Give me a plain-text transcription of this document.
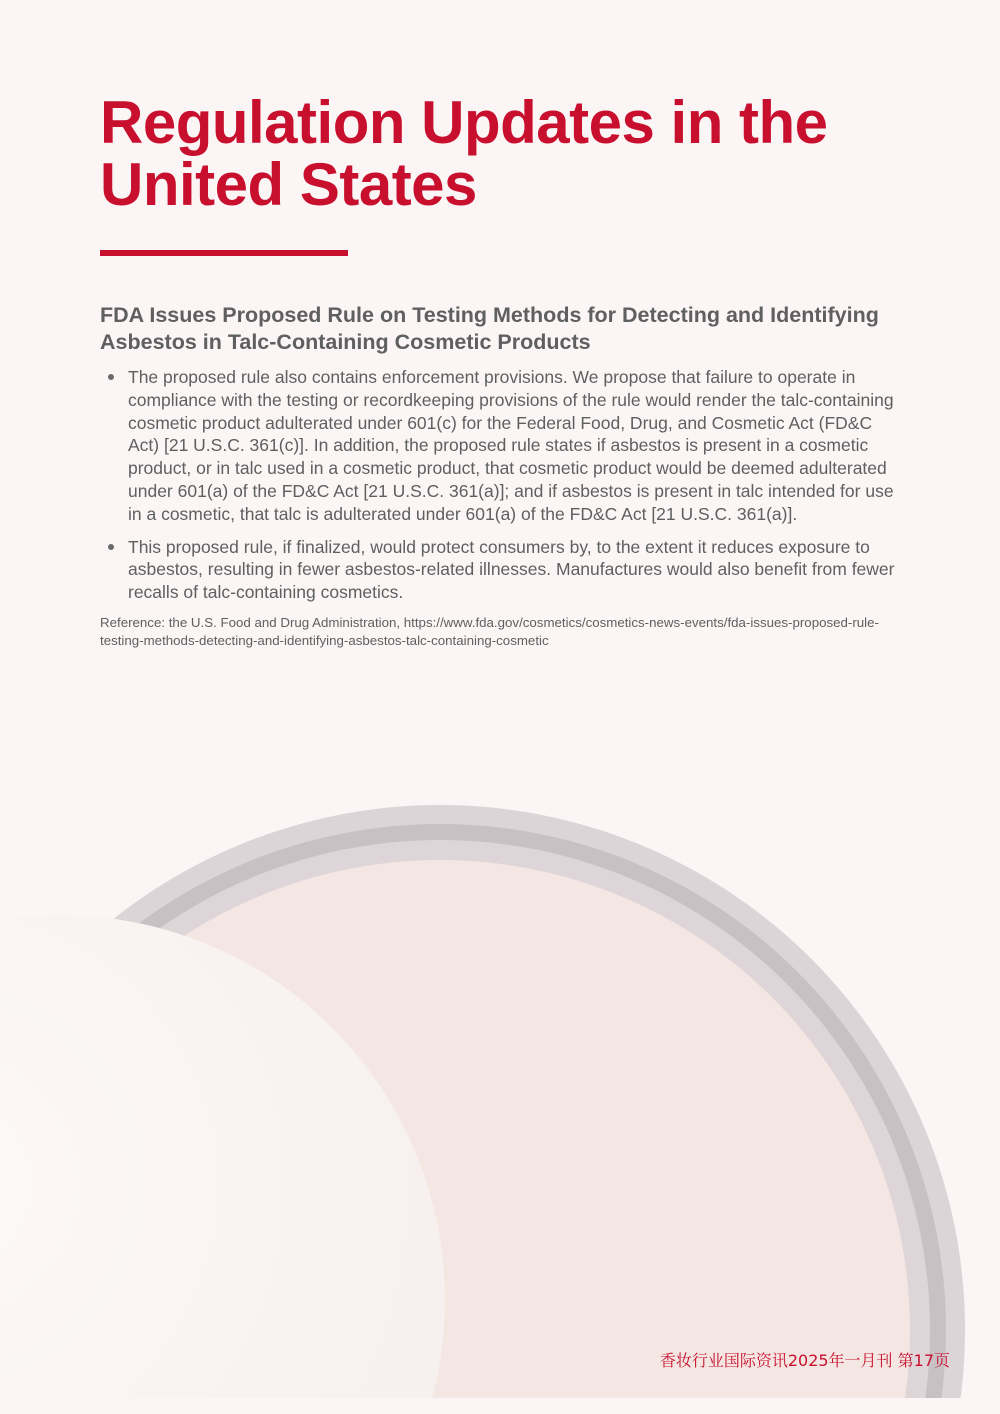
Regulation Updates in the United States
FDA Issues Proposed Rule on Testing Methods for Detecting and Identifying Asbestos in Talc-Containing Cosmetic Products
The proposed rule also contains enforcement provisions. We propose that failure to operate in compliance with the testing or recordkeeping provisions of the rule would render the talc-containing cosmetic product adulterated under 601(c) for the Federal Food, Drug, and Cosmetic Act (FD&C Act) [21 U.S.C. 361(c)]. In addition, the proposed rule states if asbestos is present in a cosmetic product, or in talc used in a cosmetic product, that cosmetic product would be deemed adulterated under 601(a) of the FD&C Act [21 U.S.C. 361(a)]; and if asbestos is present in talc intended for use in a cosmetic, that talc is adulterated under 601(a) of the FD&C Act [21 U.S.C. 361(a)].
This proposed rule, if finalized, would protect consumers by, to the extent it reduces exposure to asbestos, resulting in fewer asbestos-related illnesses. Manufactures would also benefit from fewer recalls of talc-containing cosmetics.
Reference: the U.S. Food and Drug Administration, https://www.fda.gov/cosmetics/cosmetics-news-events/fda-issues-proposed-rule-testing-methods-detecting-and-identifying-asbestos-talc-containing-cosmetic
香妆行业国际资讯2025年一月刊 第17页
